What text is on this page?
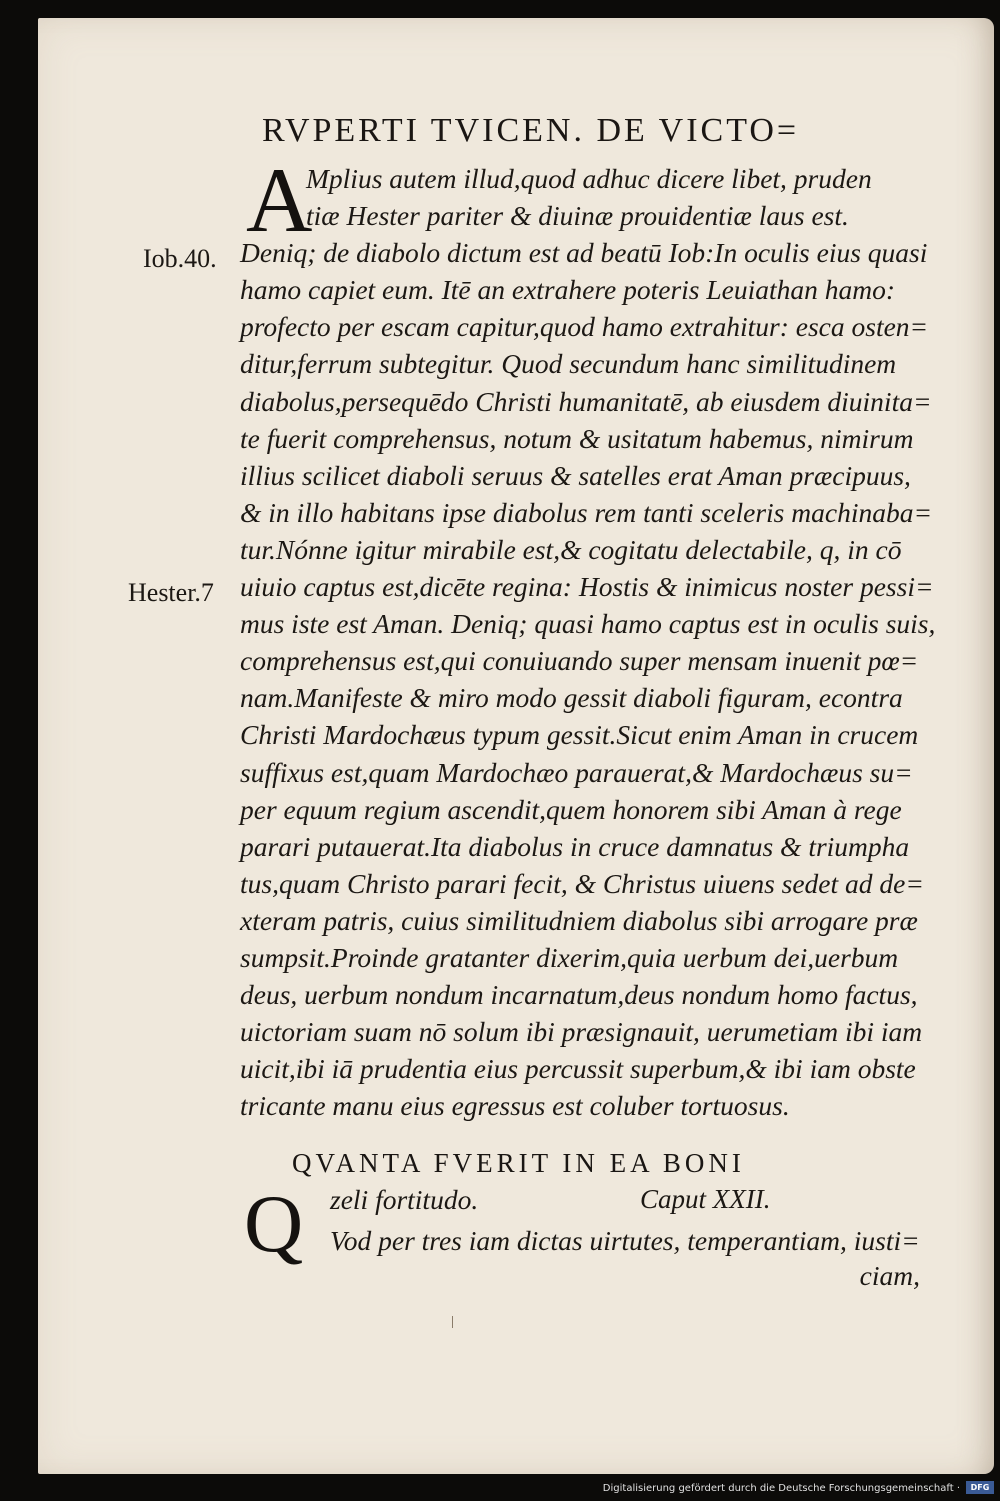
RVPERTI TVICEN. DE VICTO=
A
Iob.40.
Hester.7
Mplius autem illud,quod adhuc dicere libet, pruden
tiæ Hester pariter & diuinæ prouidentiæ laus est.
Deniq; de diabolo dictum est ad beatū Iob:In oculis eius quasi
hamo capiet eum. Itē an extrahere poteris Leuiathan hamo:
profecto per escam capitur,quod hamo extrahitur: esca osten=
ditur,ferrum subtegitur. Quod secundum hanc similitudinem
diabolus,persequēdo Christi humanitatē, ab eiusdem diuinita=
te fuerit comprehensus, notum & usitatum habemus, nimirum
illius scilicet diaboli seruus & satelles erat Aman præcipuus,
& in illo habitans ipse diabolus rem tanti sceleris machinaba=
tur.Nónne igitur mirabile est,& cogitatu delectabile, q, in cō
uiuio captus est,dicēte regina: Hostis & inimicus noster pessi=
mus iste est Aman. Deniq; quasi hamo captus est in oculis suis,
comprehensus est,qui conuiuando super mensam inuenit pœ=
nam.Manifeste & miro modo gessit diaboli figuram, econtra
Christi Mardochæus typum gessit.Sicut enim Aman in crucem
suffixus est,quam Mardochæo parauerat,& Mardochæus su=
per equum regium ascendit,quem honorem sibi Aman à rege
parari putauerat.Ita diabolus in cruce damnatus & triumpha
tus,quam Christo parari fecit, & Christus uiuens sedet ad de=
xteram patris, cuius similitudniem diabolus sibi arrogare præ
sumpsit.Proinde gratanter dixerim,quia uerbum dei,uerbum
deus, uerbum nondum incarnatum,deus nondum homo factus,
uictoriam suam nō solum ibi præsignauit, uerumetiam ibi iam
uicit,ibi iā prudentia eius percussit superbum,& ibi iam obste
tricante manu eius egressus est coluber tortuosus.
QVANTA FVERIT IN EA BONI
Q zeli fortitudo.	Caput XXII.
Vod per tres iam dictas uirtutes, temperantiam, iusti=
ciam,
Digitalisierung gefördert durch die Deutsche Forschungsgemeinschaft ·	DFG
